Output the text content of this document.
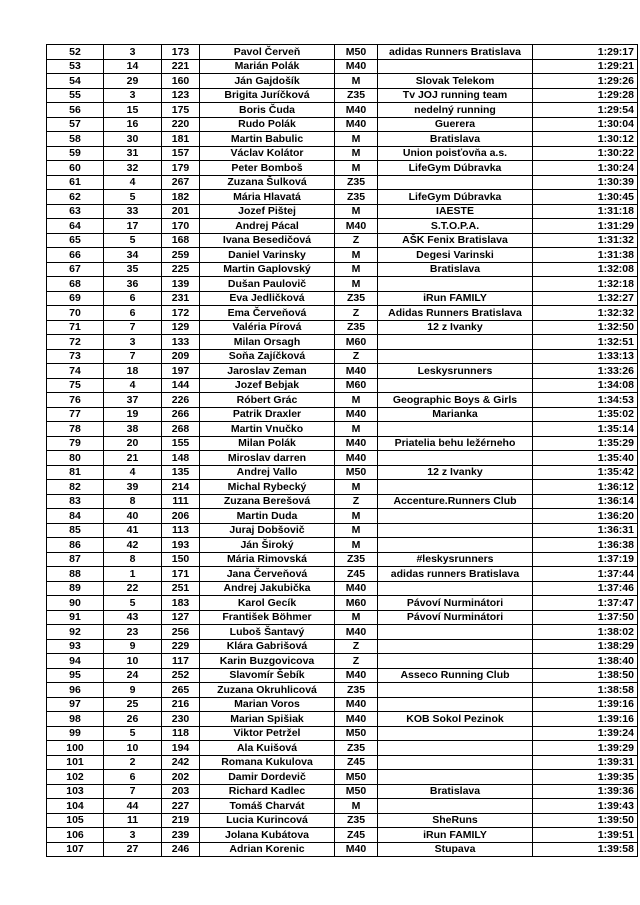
52	3	173	Pavol Červeň	M50	adidas Runners Bratislava	1:29:17
53	14	221	Marián Polák	M40		1:29:21
54	29	160	Ján Gajdošík	M	Slovak Telekom	1:29:26
55	3	123	Brigita Juríčková	Z35	Tv JOJ running team	1:29:28
56	15	175	Boris Čuda	M40	nedelný running	1:29:54
57	16	220	Rudo Polák	M40	Guerera	1:30:04
58	30	181	Martin Babulic	M	Bratislava	1:30:12
59	31	157	Václav Kolátor	M	Union poisťovňa a.s.	1:30:22
60	32	179	Peter Bomboš	M	LifeGym Dúbravka	1:30:24
61	4	267	Zuzana Šulková	Z35		1:30:39
62	5	182	Mária Hlavatá	Z35	LifeGym Dúbravka	1:30:45
63	33	201	Jozef Pištej	M	IAESTE	1:31:18
64	17	170	Andrej Pácal	M40	S.T.O.P.A.	1:31:29
65	5	168	Ivana Besedičová	Z	AŠK Fenix Bratislava	1:31:32
66	34	259	Daniel Varinsky	M	Degesi Varinski	1:31:38
67	35	225	Martin Gaplovský	M	Bratislava	1:32:08
68	36	139	Dušan Paulovič	M		1:32:18
69	6	231	Eva Jedličková	Z35	iRun FAMILY	1:32:27
70	6	172	Ema Červeňová	Z	Adidas Runners Bratislava	1:32:32
71	7	129	Valéria Pírová	Z35	12 z Ivanky	1:32:50
72	3	133	Milan Orsagh	M60		1:32:51
73	7	209	Soňa Zajíčková	Z		1:33:13
74	18	197	Jaroslav Zeman	M40	Leskysrunners	1:33:26
75	4	144	Jozef Bebjak	M60		1:34:08
76	37	226	Róbert Grác	M	Geographic Boys & Girls	1:34:53
77	19	266	Patrik Draxler	M40	Marianka	1:35:02
78	38	268	Martin Vnučko	M		1:35:14
79	20	155	Milan Polák	M40	Priatelia behu ležérneho	1:35:29
80	21	148	Miroslav darren	M40		1:35:40
81	4	135	Andrej Vallo	M50	12 z Ivanky	1:35:42
82	39	214	Michal Rybecký	M		1:36:12
83	8	111	Zuzana Berešová	Z	Accenture.Runners Club	1:36:14
84	40	206	Martin Duda	M		1:36:20
85	41	113	Juraj Dobšovič	M		1:36:31
86	42	193	Ján Široký	M		1:36:38
87	8	150	Mária Rimovská	Z35	#leskysrunners	1:37:19
88	1	171	Jana Červeňová	Z45	adidas runners Bratislava	1:37:44
89	22	251	Andrej Jakubička	M40		1:37:46
90	5	183	Karol Gecík	M60	Pávoví Nurminátori	1:37:47
91	43	127	František Böhmer	M	Pávoví Nurminátori	1:37:50
92	23	256	Luboš Šantavý	M40		1:38:02
93	9	229	Klára Gabrišová	Z		1:38:29
94	10	117	Karin Buzgovicova	Z		1:38:40
95	24	252	Slavomír Šebík	M40	Asseco Running Club	1:38:50
96	9	265	Zuzana Okruhlicová	Z35		1:38:58
97	25	216	Marian Voros	M40		1:39:16
98	26	230	Marian Spišiak	M40	KOB Sokol Pezinok	1:39:16
99	5	118	Viktor Petržel	M50		1:39:24
100	10	194	Ala Kuišová	Z35		1:39:29
101	2	242	Romana Kukulova	Z45		1:39:31
102	6	202	Damir Dordevič	M50		1:39:35
103	7	203	Richard Kadlec	M50	Bratislava	1:39:36
104	44	227	Tomáš Charvát	M		1:39:43
105	11	219	Lucia Kurincová	Z35	SheRuns	1:39:50
106	3	239	Jolana Kubátova	Z45	iRun FAMILY	1:39:51
107	27	246	Adrian Korenic	M40	Stupava	1:39:58
